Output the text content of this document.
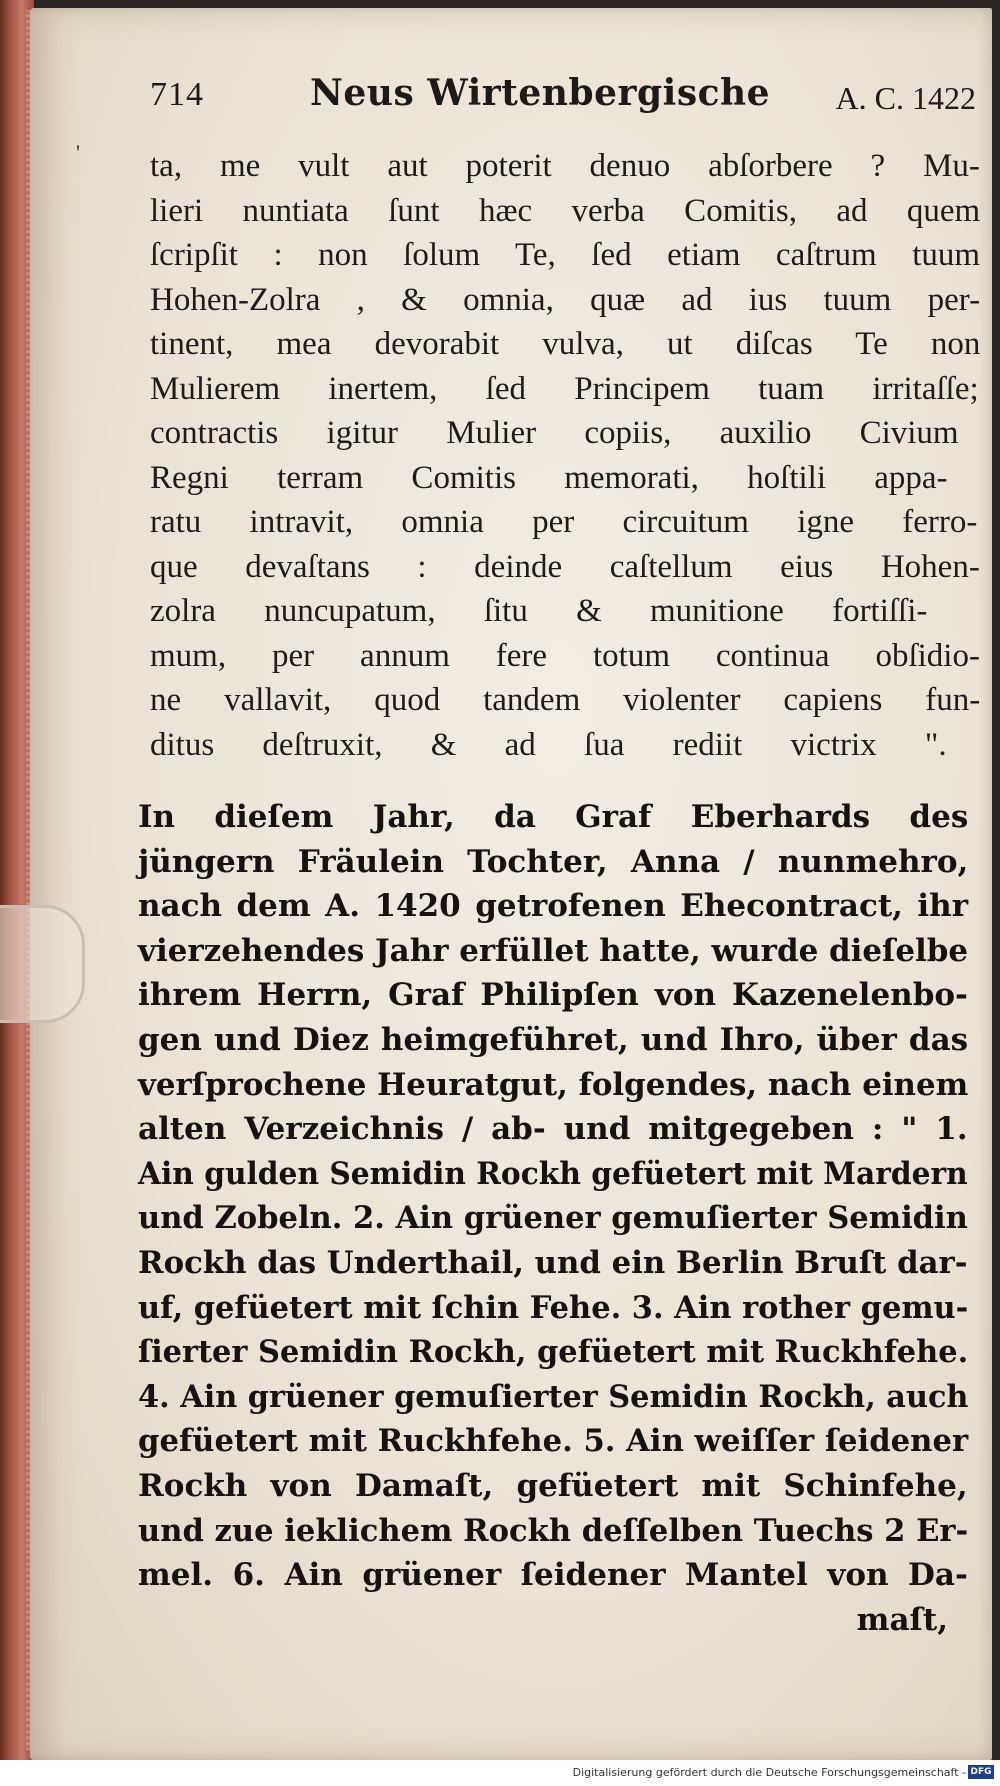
'
714	Neus Wirtenbergische A. C. 1422
ta, me vult aut poterit denuo abſorbere ? Mu-
lieri nuntiata ſunt hæc verba Comitis, ad quem
ſcripſit : non ſolum Te, ſed etiam caſtrum tuum
Hohen-Zolra , & omnia, quæ ad ius tuum per-
tinent, mea devorabit vulva, ut diſcas Te non
Mulierem inertem, ſed Principem tuam irritaſſe;
contractis igitur Mulier copiis, auxilio Civium
Regni terram Comitis memorati, hoſtili appa-
ratu intravit, omnia per circuitum igne ferro-
que devaſtans : deinde caſtellum eius Hohen-
zolra nuncupatum, ſitu & munitione fortiſſi-
mum, per annum fere totum continua obſidio-
ne vallavit, quod tandem violenter capiens fun-
ditus deſtruxit, & ad ſua rediit victrix ".
In dieſem Jahr, da Graf Eberhards des
jüngern Fräulein Tochter, Anna / nunmehro,
nach dem A. 1420 getrofenen Ehecontract, ihr
vierzehendes Jahr erfüllet hatte, wurde dieſelbe
ihrem Herrn, Graf Philipſen von Kazenelenbo-
gen und Diez heimgeführet, und Ihro, über das
verſprochene Heuratgut, folgendes, nach einem
alten Verzeichnis / ab- und mitgegeben : " 1.
Ain gulden Semidin Rockh gefüetert mit Mardern
und Zobeln. 2. Ain grüener gemuſierter Semidin
Rockh das Underthail, und ein Berlin Bruſt dar-
uf, gefüetert mit ſchin Fehe. 3. Ain rother gemu-
ſierter Semidin Rockh, gefüetert mit Ruckhfehe.
4. Ain grüener gemuſierter Semidin Rockh, auch
gefüetert mit Ruckhfehe. 5. Ain weiſſer ſeidener
Rockh von Damaſt, gefüetert mit Schinfehe,
und zue ieklichem Rockh deſſelben Tuechs 2 Er-
mel. 6. Ain grüener ſeidener Mantel von Da-
maſt,
Digitalisierung gefördert durch die Deutsche Forschungsgemeinschaft - DFG
